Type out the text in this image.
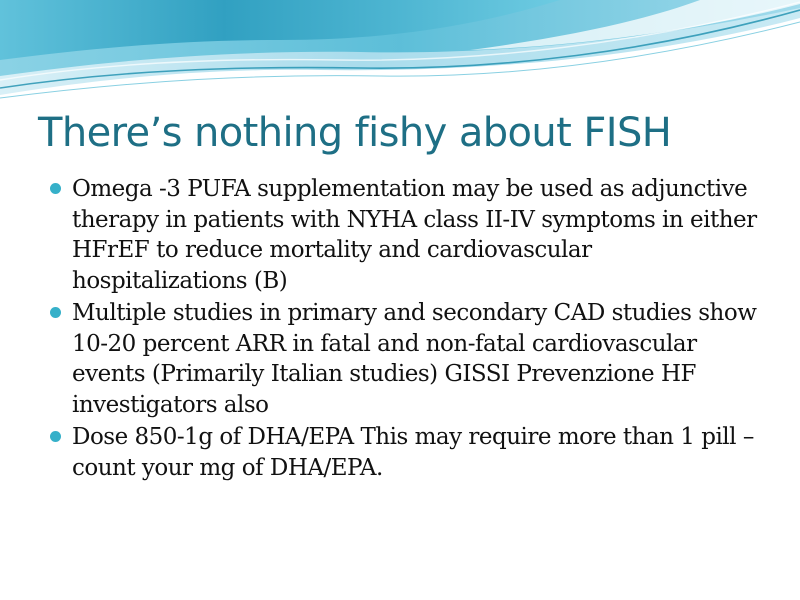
There’s nothing fishy about FISH
Omega -3 PUFA supplementation may be used as adjunctive therapy in patients with NYHA class II-IV symptoms in either HFrEF to reduce mortality and cardiovascular hospitalizations (B)
Multiple studies in primary and secondary CAD studies show 10-20 percent ARR in fatal and non-fatal cardiovascular events (Primarily Italian studies) GISSI Prevenzione HF investigators also
Dose 850-1g of DHA/EPA This may require more than 1 pill – count your mg of DHA/EPA.
